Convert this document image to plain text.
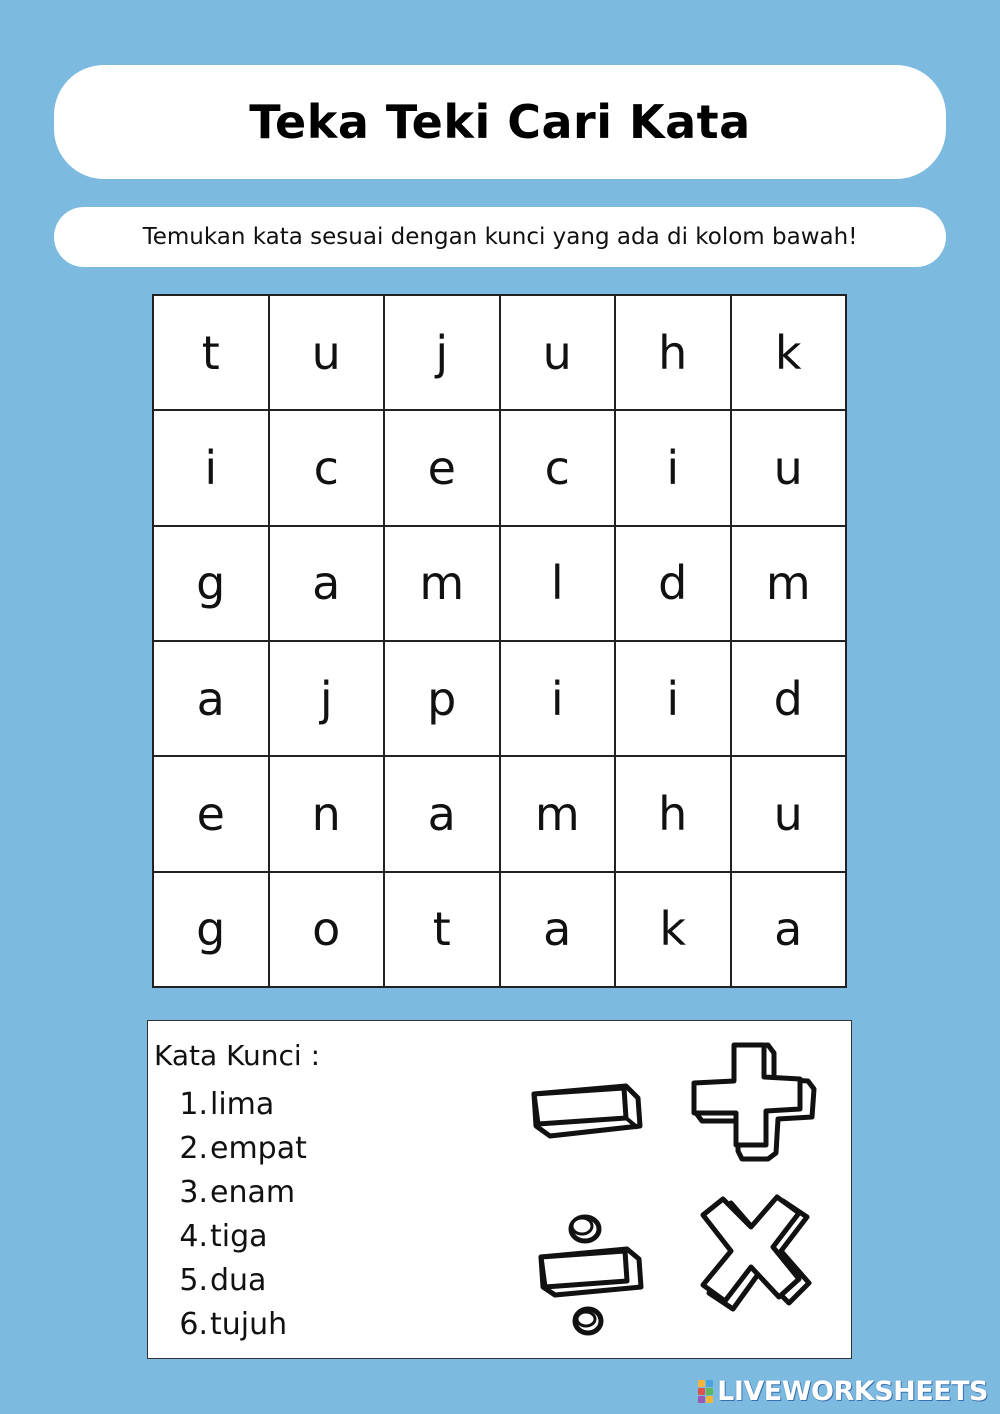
Teka Teki Cari Kata

Temukan kata sesuai dengan kunci yang ada di kolom bawah!

t	u	j	u	h	k
i	c	e	c	i	u
g	a	m	l	d	m
a	j	p	i	i	d
e	n	a	m	h	u
g	o	t	a	k	a
Kata Kunci :
1. lima
2. empat
3. enam
4. tiga
5. dua
6. tujuh
LIVEWORKSHEETS
